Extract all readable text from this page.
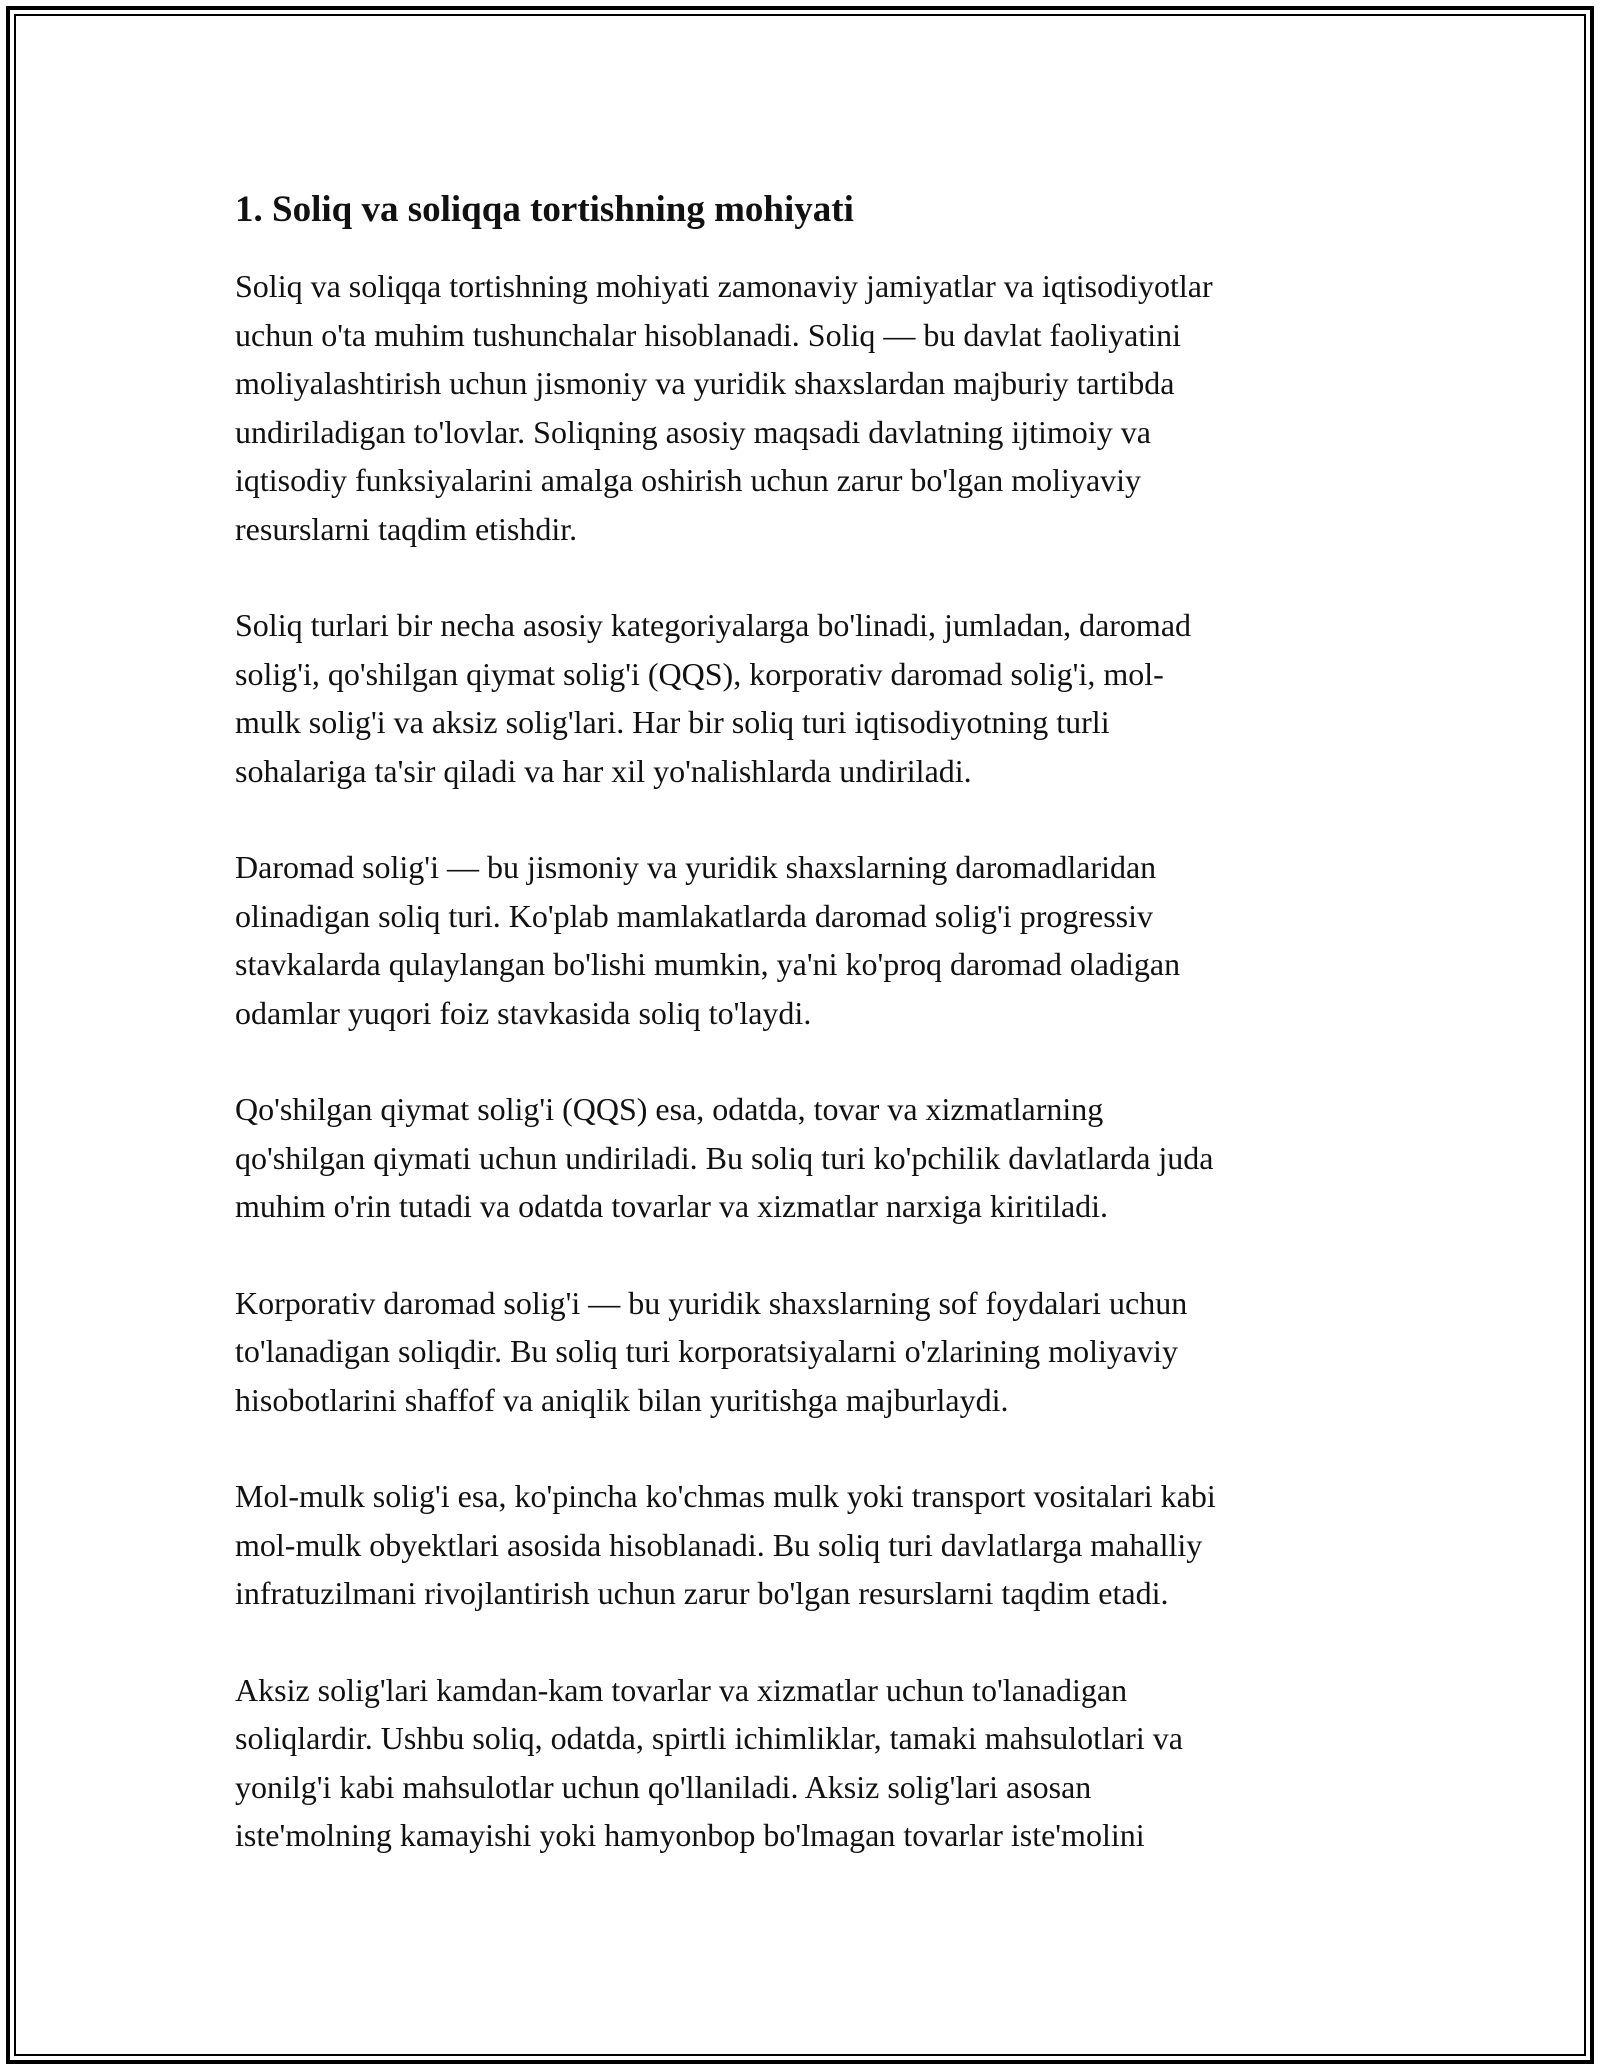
1. Soliq va soliqqa tortishning mohiyati

Soliq va soliqqa tortishning mohiyati zamonaviy jamiyatlar va iqtisodiyotlar
uchun o'ta muhim tushunchalar hisoblanadi. Soliq — bu davlat faoliyatini
moliyalashtirish uchun jismoniy va yuridik shaxslardan majburiy tartibda
undiriladigan to'lovlar. Soliqning asosiy maqsadi davlatning ijtimoiy va
iqtisodiy funksiyalarini amalga oshirish uchun zarur bo'lgan moliyaviy
resurslarni taqdim etishdir.

Soliq turlari bir necha asosiy kategoriyalarga bo'linadi, jumladan, daromad
solig'i, qo'shilgan qiymat solig'i (QQS), korporativ daromad solig'i, mol-
mulk solig'i va aksiz solig'lari. Har bir soliq turi iqtisodiyotning turli
sohalariga ta'sir qiladi va har xil yo'nalishlarda undiriladi.

Daromad solig'i — bu jismoniy va yuridik shaxslarning daromadlaridan
olinadigan soliq turi. Ko'plab mamlakatlarda daromad solig'i progressiv
stavkalarda qulaylangan bo'lishi mumkin, ya'ni ko'proq daromad oladigan
odamlar yuqori foiz stavkasida soliq to'laydi.

Qo'shilgan qiymat solig'i (QQS) esa, odatda, tovar va xizmatlarning
qo'shilgan qiymati uchun undiriladi. Bu soliq turi ko'pchilik davlatlarda juda
muhim o'rin tutadi va odatda tovarlar va xizmatlar narxiga kiritiladi.

Korporativ daromad solig'i — bu yuridik shaxslarning sof foydalari uchun
to'lanadigan soliqdir. Bu soliq turi korporatsiyalarni o'zlarining moliyaviy
hisobotlarini shaffof va aniqlik bilan yuritishga majburlaydi.

Mol-mulk solig'i esa, ko'pincha ko'chmas mulk yoki transport vositalari kabi
mol-mulk obyektlari asosida hisoblanadi. Bu soliq turi davlatlarga mahalliy
infratuzilmani rivojlantirish uchun zarur bo'lgan resurslarni taqdim etadi.

Aksiz solig'lari kamdan-kam tovarlar va xizmatlar uchun to'lanadigan
soliqlardir. Ushbu soliq, odatda, spirtli ichimliklar, tamaki mahsulotlari va
yonilg'i kabi mahsulotlar uchun qo'llaniladi. Aksiz solig'lari asosan
iste'molning kamayishi yoki hamyonbop bo'lmagan tovarlar iste'molini
